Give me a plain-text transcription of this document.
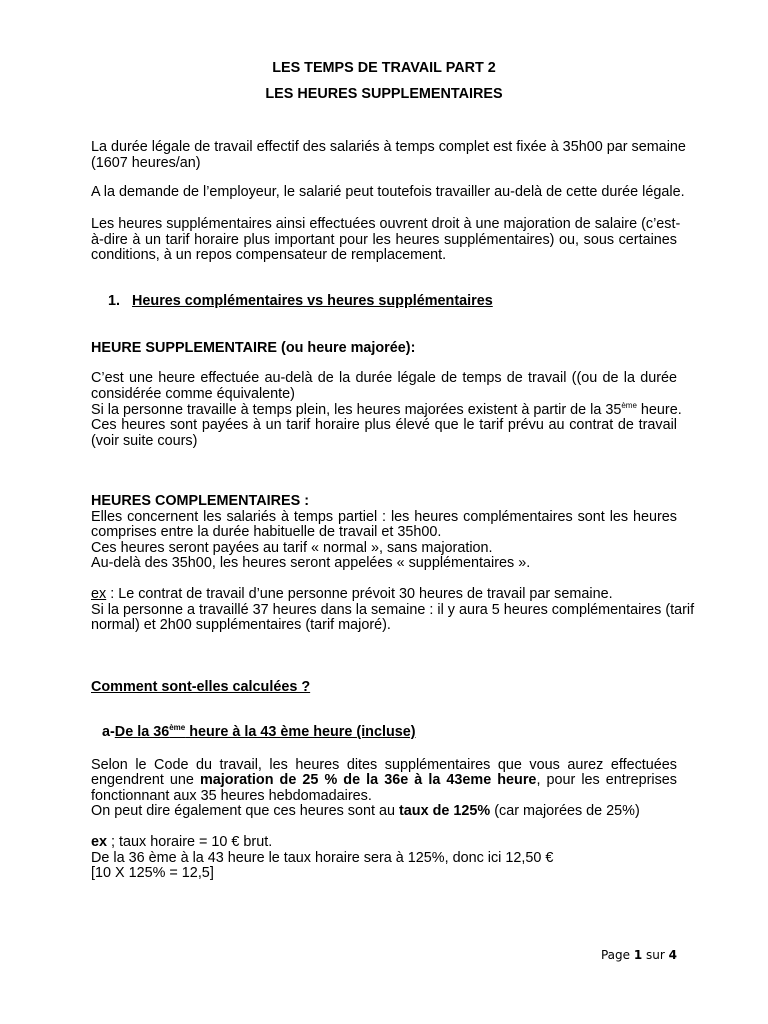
LES TEMPS DE TRAVAIL PART 2
LES HEURES SUPPLEMENTAIRES
La durée légale de travail effectif des salariés à temps complet est fixée à 35h00 par semaine
(1607 heures/an)
A la demande de l’employeur, le salarié peut toutefois travailler au-delà de cette durée légale.
Les heures supplémentaires ainsi effectuées ouvrent droit à une majoration de salaire (c’est-
à-dire à un tarif horaire plus important pour les heures supplémentaires) ou, sous certaines
conditions, à un repos compensateur de remplacement.
1. Heures complémentaires vs heures supplémentaires
HEURE SUPPLEMENTAIRE (ou heure majorée):
C’est une heure effectuée au-delà de la durée légale de temps de travail ((ou de la durée
considérée comme équivalente)
Si la personne travaille à temps plein, les heures majorées existent à partir de la 35ème heure.
Ces heures sont payées à un tarif horaire plus élevé que le tarif prévu au contrat de travail
(voir suite cours)
HEURES COMPLEMENTAIRES :
Elles concernent les salariés à temps partiel : les heures complémentaires sont les heures
comprises entre la durée habituelle de travail et 35h00.
Ces heures seront payées au tarif « normal », sans majoration.
Au-delà des 35h00, les heures seront appelées « supplémentaires ».
ex : Le contrat de travail d’une personne prévoit 30 heures de travail par semaine.
Si la personne a travaillé 37 heures dans la semaine : il y aura 5 heures complémentaires (tarif
normal) et 2h00 supplémentaires (tarif majoré).
Comment sont-elles calculées ?
a-De la 36ème heure à la 43 ème heure (incluse)
Selon le Code du travail, les heures dites supplémentaires que vous aurez effectuées
engendrent une majoration de 25 % de la 36e à la 43eme heure, pour les entreprises
fonctionnant aux 35 heures hebdomadaires.
On peut dire également que ces heures sont au taux de 125% (car majorées de 25%)
ex ; taux horaire = 10 € brut.
De la 36 ème à la 43 heure le taux horaire sera à 125%, donc ici 12,50 €
[10 X 125% = 12,5]
Page 1 sur 4
